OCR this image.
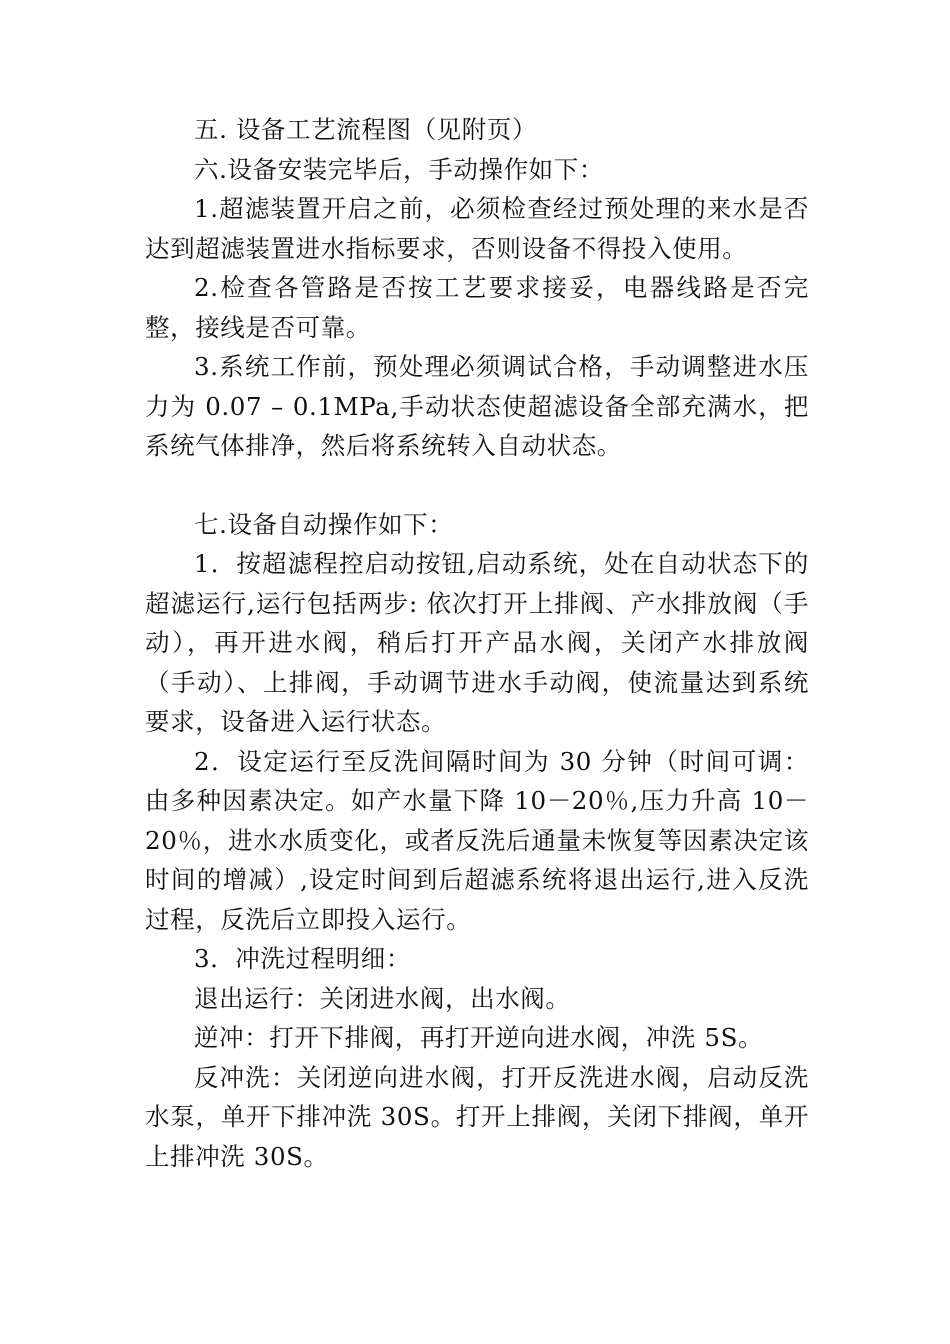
五. 设备工艺流程图（见附页）

六.设备安装完毕后，手动操作如下：

1.超滤装置开启之前，必须检查经过预处理的来水是否达到超滤装置进水指标要求，否则设备不得投入使用。

2.检查各管路是否按工艺要求接妥，电器线路是否完整，接线是否可靠。

3.系统工作前，预处理必须调试合格，手动调整进水压力为 0.07 – 0.1MPa,手动状态使超滤设备全部充满水，把系统气体排净，然后将系统转入自动状态。

七.设备自动操作如下：

1．按超滤程控启动按钮,启动系统，处在自动状态下的超滤运行,运行包括两步: 依次打开上排阀、产水排放阀（手动），再开进水阀，稍后打开产品水阀，关闭产水排放阀（手动）、上排阀，手动调节进水手动阀，使流量达到系统要求，设备进入运行状态。

2．设定运行至反洗间隔时间为 30 分钟（时间可调：由多种因素决定。如产水量下降 10－20％,压力升高 10－20％，进水水质变化，或者反洗后通量未恢复等因素决定该时间的增减）,设定时间到后超滤系统将退出运行,进入反洗过程，反洗后立即投入运行。

3．冲洗过程明细：

退出运行：关闭进水阀，出水阀。

逆冲：打开下排阀，再打开逆向进水阀，冲洗 5S。

反冲洗：关闭逆向进水阀，打开反洗进水阀，启动反洗水泵，单开下排冲洗 30S。打开上排阀，关闭下排阀，单开上排冲洗 30S。
